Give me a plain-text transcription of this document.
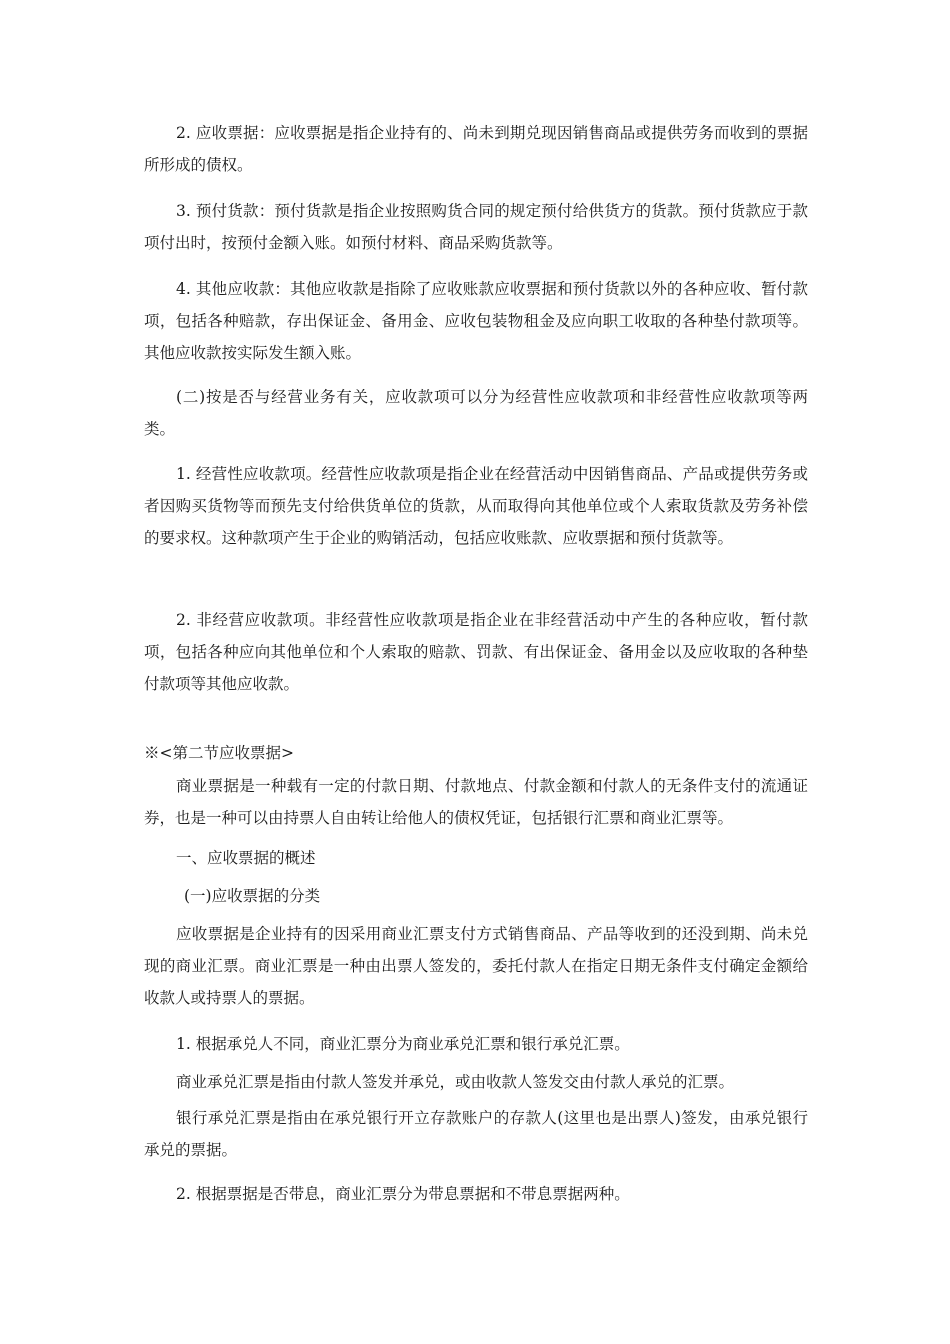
2. 应收票据：应收票据是指企业持有的、尚未到期兑现因销售商品或提供劳务而收到的票据所形成的债权。

3. 预付货款：预付货款是指企业按照购货合同的规定预付给供货方的货款。预付货款应于款项付出时，按预付金额入账。如预付材料、商品采购货款等。

4. 其他应收款：其他应收款是指除了应收账款应收票据和预付货款以外的各种应收、暂付款项，包括各种赔款，存出保证金、备用金、应收包装物租金及应向职工收取的各种垫付款项等。其他应收款按实际发生额入账。

(二)按是否与经营业务有关，应收款项可以分为经营性应收款项和非经营性应收款项等两类。

1. 经营性应收款项。经营性应收款项是指企业在经营活动中因销售商品、产品或提供劳务或者因购买货物等而预先支付给供货单位的货款，从而取得向其他单位或个人索取货款及劳务补偿的要求权。这种款项产生于企业的购销活动，包括应收账款、应收票据和预付货款等。

2. 非经营应收款项。非经营性应收款项是指企业在非经营活动中产生的各种应收，暂付款项，包括各种应向其他单位和个人索取的赔款、罚款、有出保证金、备用金以及应收取的各种垫付款项等其他应收款。

※<第二节应收票据>

商业票据是一种载有一定的付款日期、付款地点、付款金额和付款人的无条件支付的流通证券，也是一种可以由持票人自由转让给他人的债权凭证，包括银行汇票和商业汇票等。

一、应收票据的概述

(一)应收票据的分类

应收票据是企业持有的因采用商业汇票支付方式销售商品、产品等收到的还没到期、尚未兑现的商业汇票。商业汇票是一种由出票人签发的，委托付款人在指定日期无条件支付确定金额给收款人或持票人的票据。

1. 根据承兑人不同，商业汇票分为商业承兑汇票和银行承兑汇票。

商业承兑汇票是指由付款人签发并承兑，或由收款人签发交由付款人承兑的汇票。

银行承兑汇票是指由在承兑银行开立存款账户的存款人(这里也是出票人)签发，由承兑银行承兑的票据。

2. 根据票据是否带息，商业汇票分为带息票据和不带息票据两种。
